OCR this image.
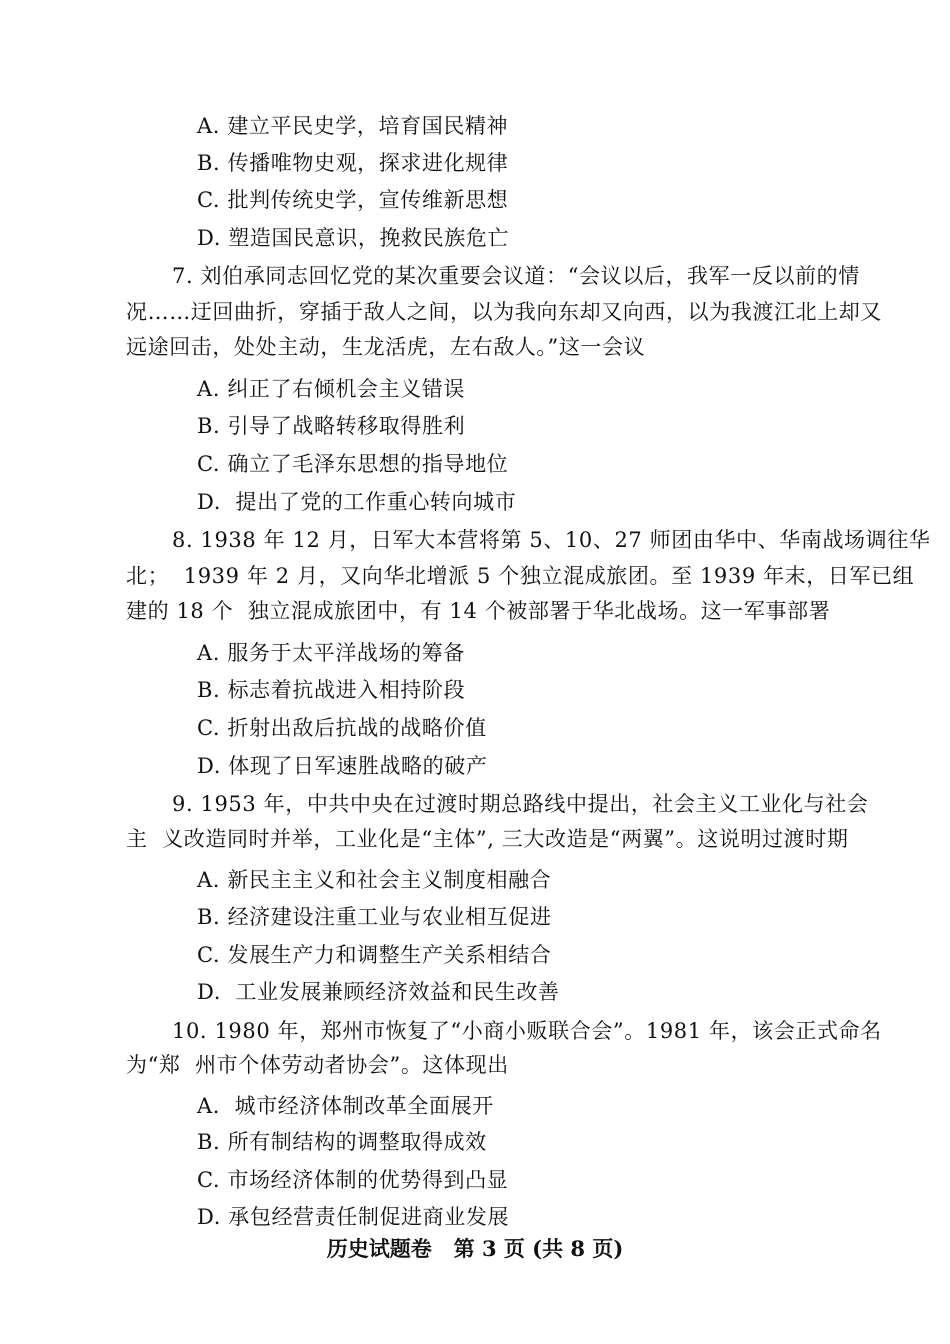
A. 建立平民史学，培育国民精神
B. 传播唯物史观，探求进化规律
C. 批判传统史学，宣传维新思想
D. 塑造国民意识，挽救民族危亡
7. 刘伯承同志回忆党的某次重要会议道：“会议以后，我军一反以前的情
况……迂回曲折，穿插于敌人之间，以为我向东却又向西，以为我渡江北上却又
远途回击，处处主动，生龙活虎，左右敌人。”这一会议
A. 纠正了右倾机会主义错误
B. 引导了战略转移取得胜利
C. 确立了毛泽东思想的指导地位
D.  提出了党的工作重心转向城市
8. 1938 年 12 月，日军大本营将第 5、10、27 师团由华中、华南战场调往华
北；  1939 年 2 月，又向华北增派 5 个独立混成旅团。至 1939 年末，日军已组
建的 18 个  独立混成旅团中，有 14 个被部署于华北战场。这一军事部署
A. 服务于太平洋战场的筹备
B. 标志着抗战进入相持阶段
C. 折射出敌后抗战的战略价值
D. 体现了日军速胜战略的破产
9. 1953 年，中共中央在过渡时期总路线中提出，社会主义工业化与社会
主  义改造同时并举，工业化是“主体”, 三大改造是“两翼”。这说明过渡时期
A. 新民主主义和社会主义制度相融合
B. 经济建设注重工业与农业相互促进
C. 发展生产力和调整生产关系相结合
D.  工业发展兼顾经济效益和民生改善
10. 1980 年，郑州市恢复了“小商小贩联合会”。1981 年，该会正式命名
为“郑  州市个体劳动者协会”。这体现出
A.  城市经济体制改革全面展开
B. 所有制结构的调整取得成效
C. 市场经济体制的优势得到凸显
D. 承包经营责任制促进商业发展
历史试题卷   第 3 页 (共 8 页)
